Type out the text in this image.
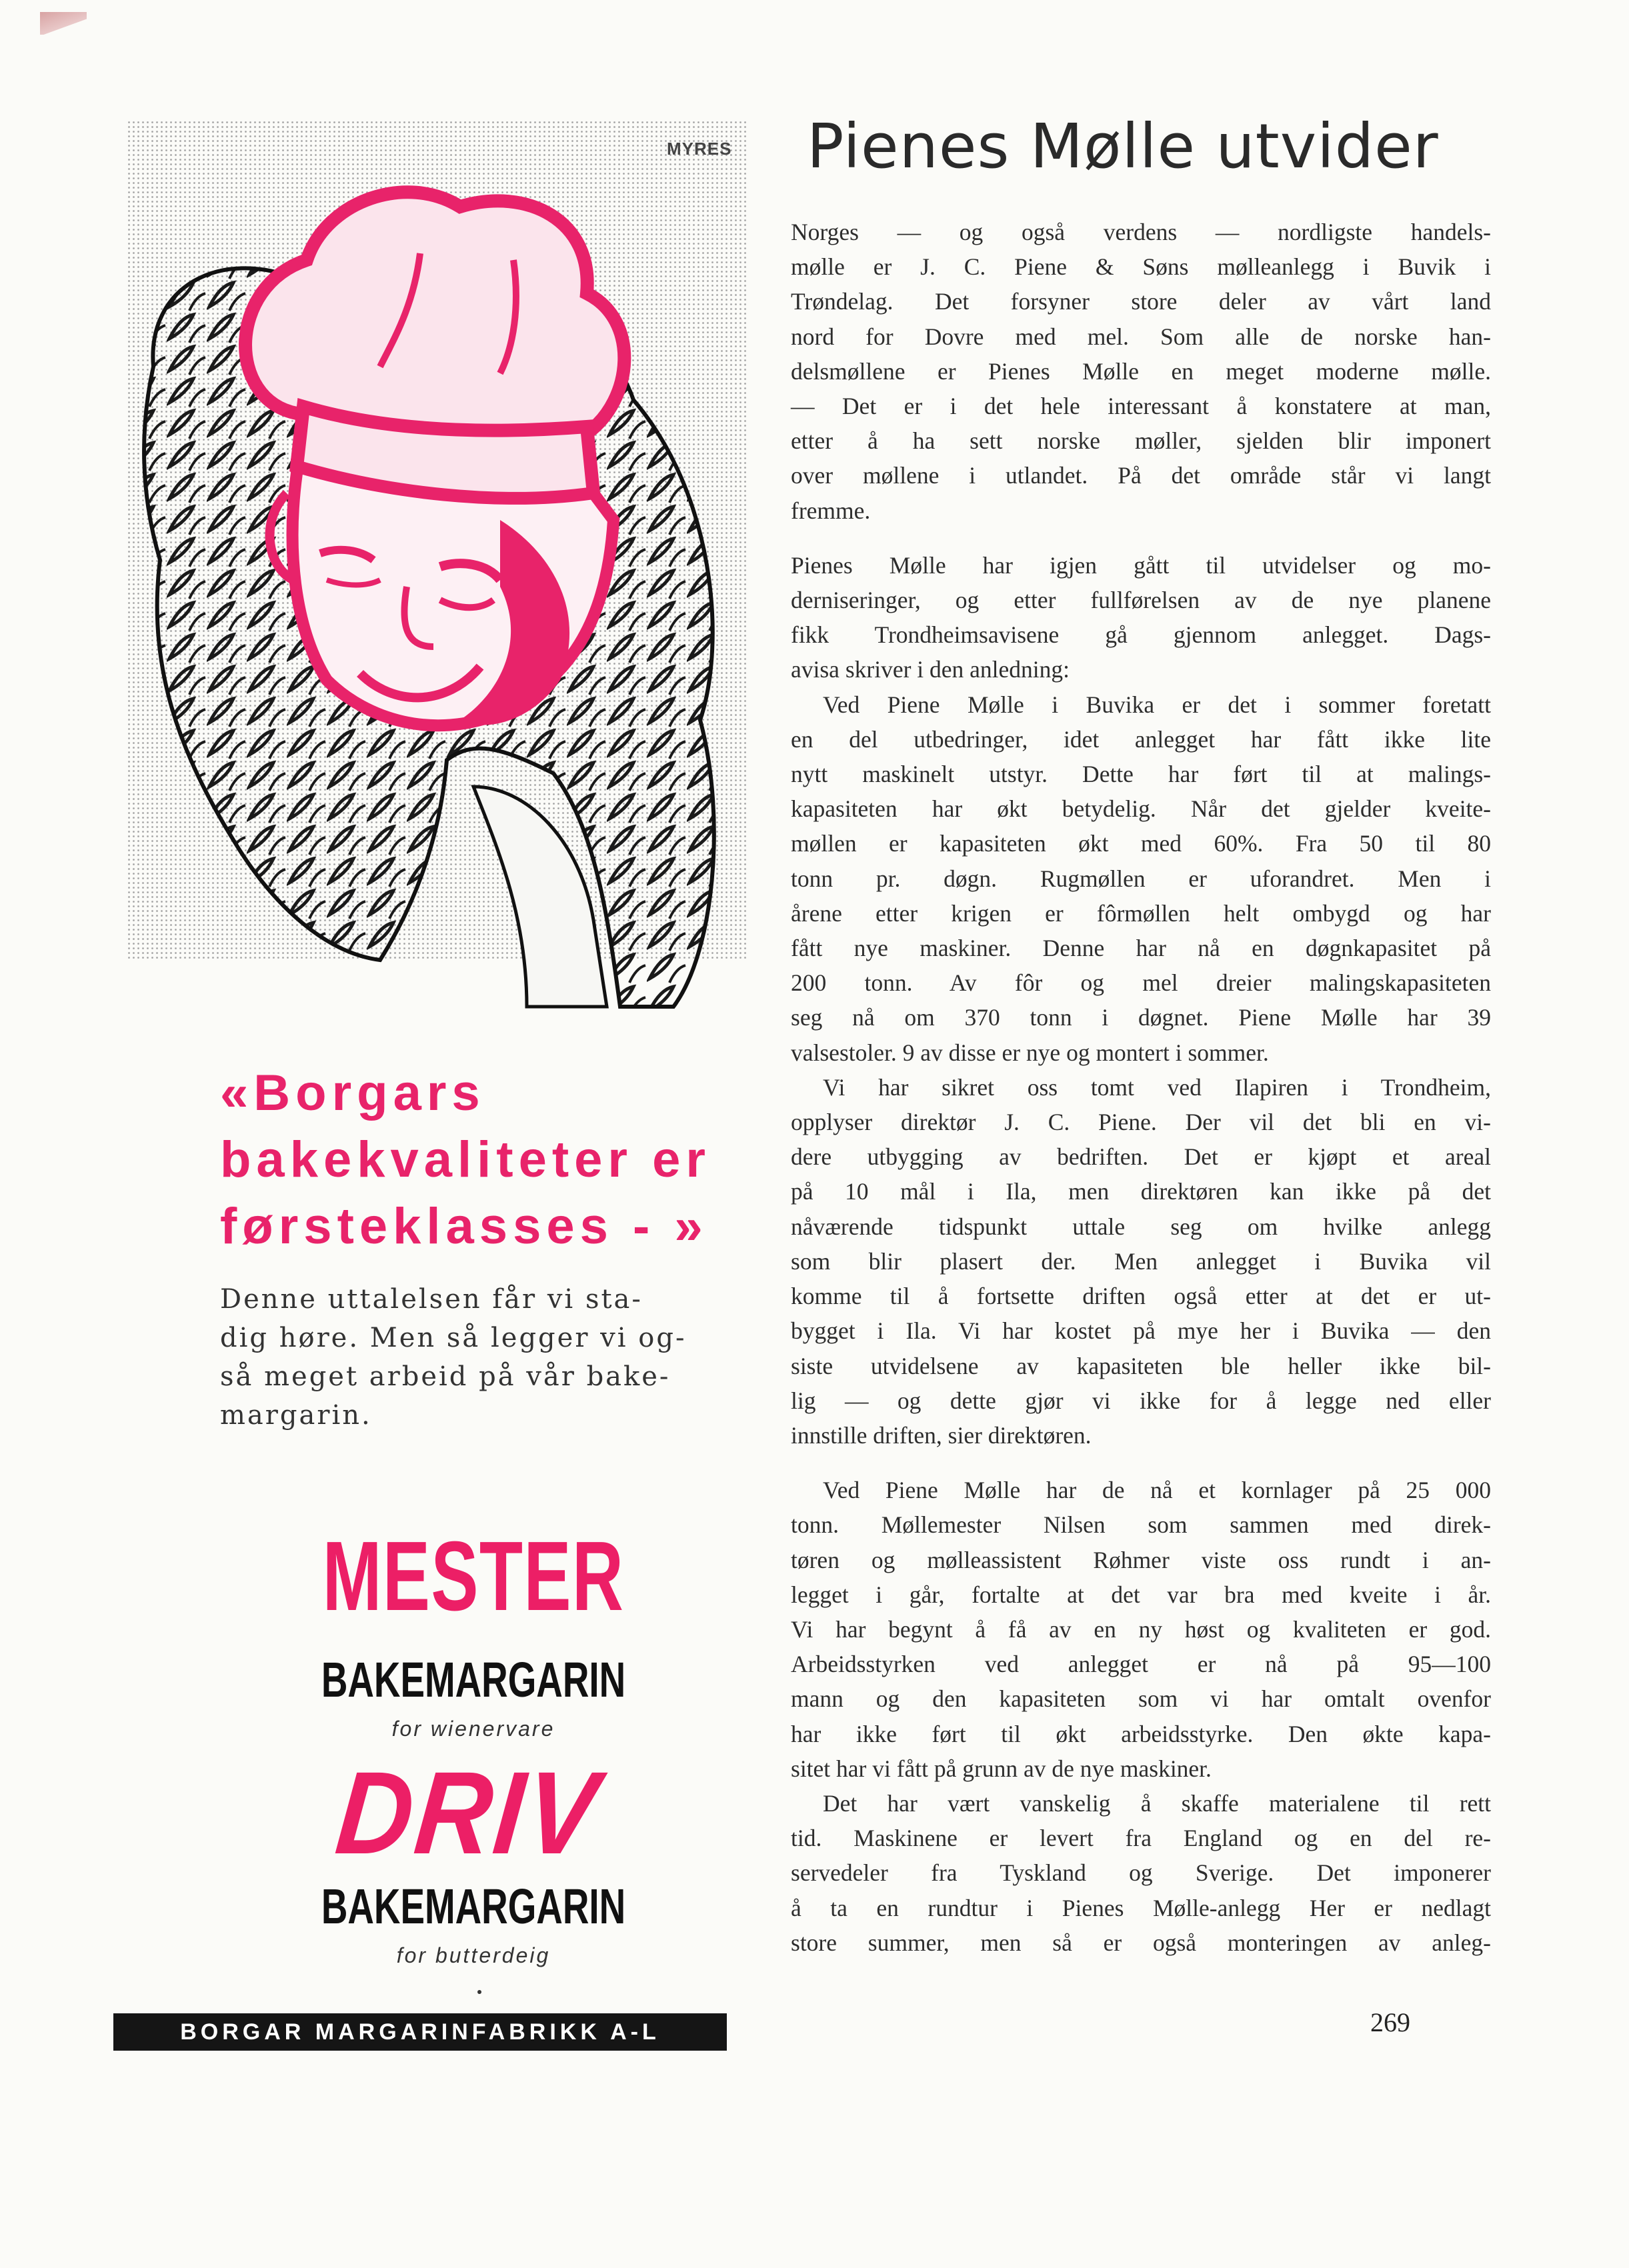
MYRES
«Borgars
bakekvaliteter er
førsteklasses - »
Denne uttalelsen får vi sta-
dig høre. Men så legger vi og-
så meget arbeid på vår bake-
margarin.
MESTER
BAKEMARGARIN
for wienervare
DRIV
BAKEMARGARIN
for butterdeig
BORGAR MARGARINFABRIKK A-L
Pienes Mølle utvider
Norges — og også verdens — nordligste handels-
mølle er J. C. Piene & Søns mølleanlegg i Buvik i
Trøndelag. Det forsyner store deler av vårt land
nord for Dovre med mel. Som alle de norske han-
delsmøllene er Pienes Mølle en meget moderne mølle.
— Det er i det hele interessant å konstatere at man,
etter å ha sett norske møller, sjelden blir imponert
over møllene i utlandet. På det område står vi langt
fremme.
Pienes Mølle har igjen gått til utvidelser og mo-
derniseringer, og etter fullførelsen av de nye planene
fikk Trondheimsavisene gå gjennom anlegget. Dags-
avisa skriver i den anledning:
Ved Piene Mølle i Buvika er det i sommer foretatt
en del utbedringer, idet anlegget har fått ikke lite
nytt maskinelt utstyr. Dette har ført til at malings-
kapasiteten har økt betydelig. Når det gjelder kveite-
møllen er kapasiteten økt med 60%. Fra 50 til 80
tonn pr. døgn. Rugmøllen er uforandret. Men i
årene etter krigen er fôrmøllen helt ombygd og har
fått nye maskiner. Denne har nå en døgnkapasitet på
200 tonn. Av fôr og mel dreier malingskapasiteten
seg nå om 370 tonn i døgnet. Piene Mølle har 39
valsestoler. 9 av disse er nye og montert i sommer.
Vi har sikret oss tomt ved Ilapiren i Trondheim,
opplyser direktør J. C. Piene. Der vil det bli en vi-
dere utbygging av bedriften. Det er kjøpt et areal
på 10 mål i Ila, men direktøren kan ikke på det
nåværende tidspunkt uttale seg om hvilke anlegg
som blir plasert der. Men anlegget i Buvika vil
komme til å fortsette driften også etter at det er ut-
bygget i Ila. Vi har kostet på mye her i Buvika — den
siste utvidelsene av kapasiteten ble heller ikke bil-
lig — og dette gjør vi ikke for å legge ned eller
innstille driften, sier direktøren.
Ved Piene Mølle har de nå et kornlager på 25 000
tonn. Møllemester Nilsen som sammen med direk-
tøren og mølleassistent Røhmer viste oss rundt i an-
legget i går, fortalte at det var bra med kveite i år.
Vi har begynt å få av en ny høst og kvaliteten er god.
Arbeidsstyrken ved anlegget er nå på 95—100
mann og den kapasiteten som vi har omtalt ovenfor
har ikke ført til økt arbeidsstyrke. Den økte kapa-
sitet har vi fått på grunn av de nye maskiner.
Det har vært vanskelig å skaffe materialene til rett
tid. Maskinene er levert fra England og en del re-
servedeler fra Tyskland og Sverige. Det imponerer
å ta en rundtur i Pienes Mølle-anlegg Her er nedlagt
store summer, men så er også monteringen av anleg-
269
